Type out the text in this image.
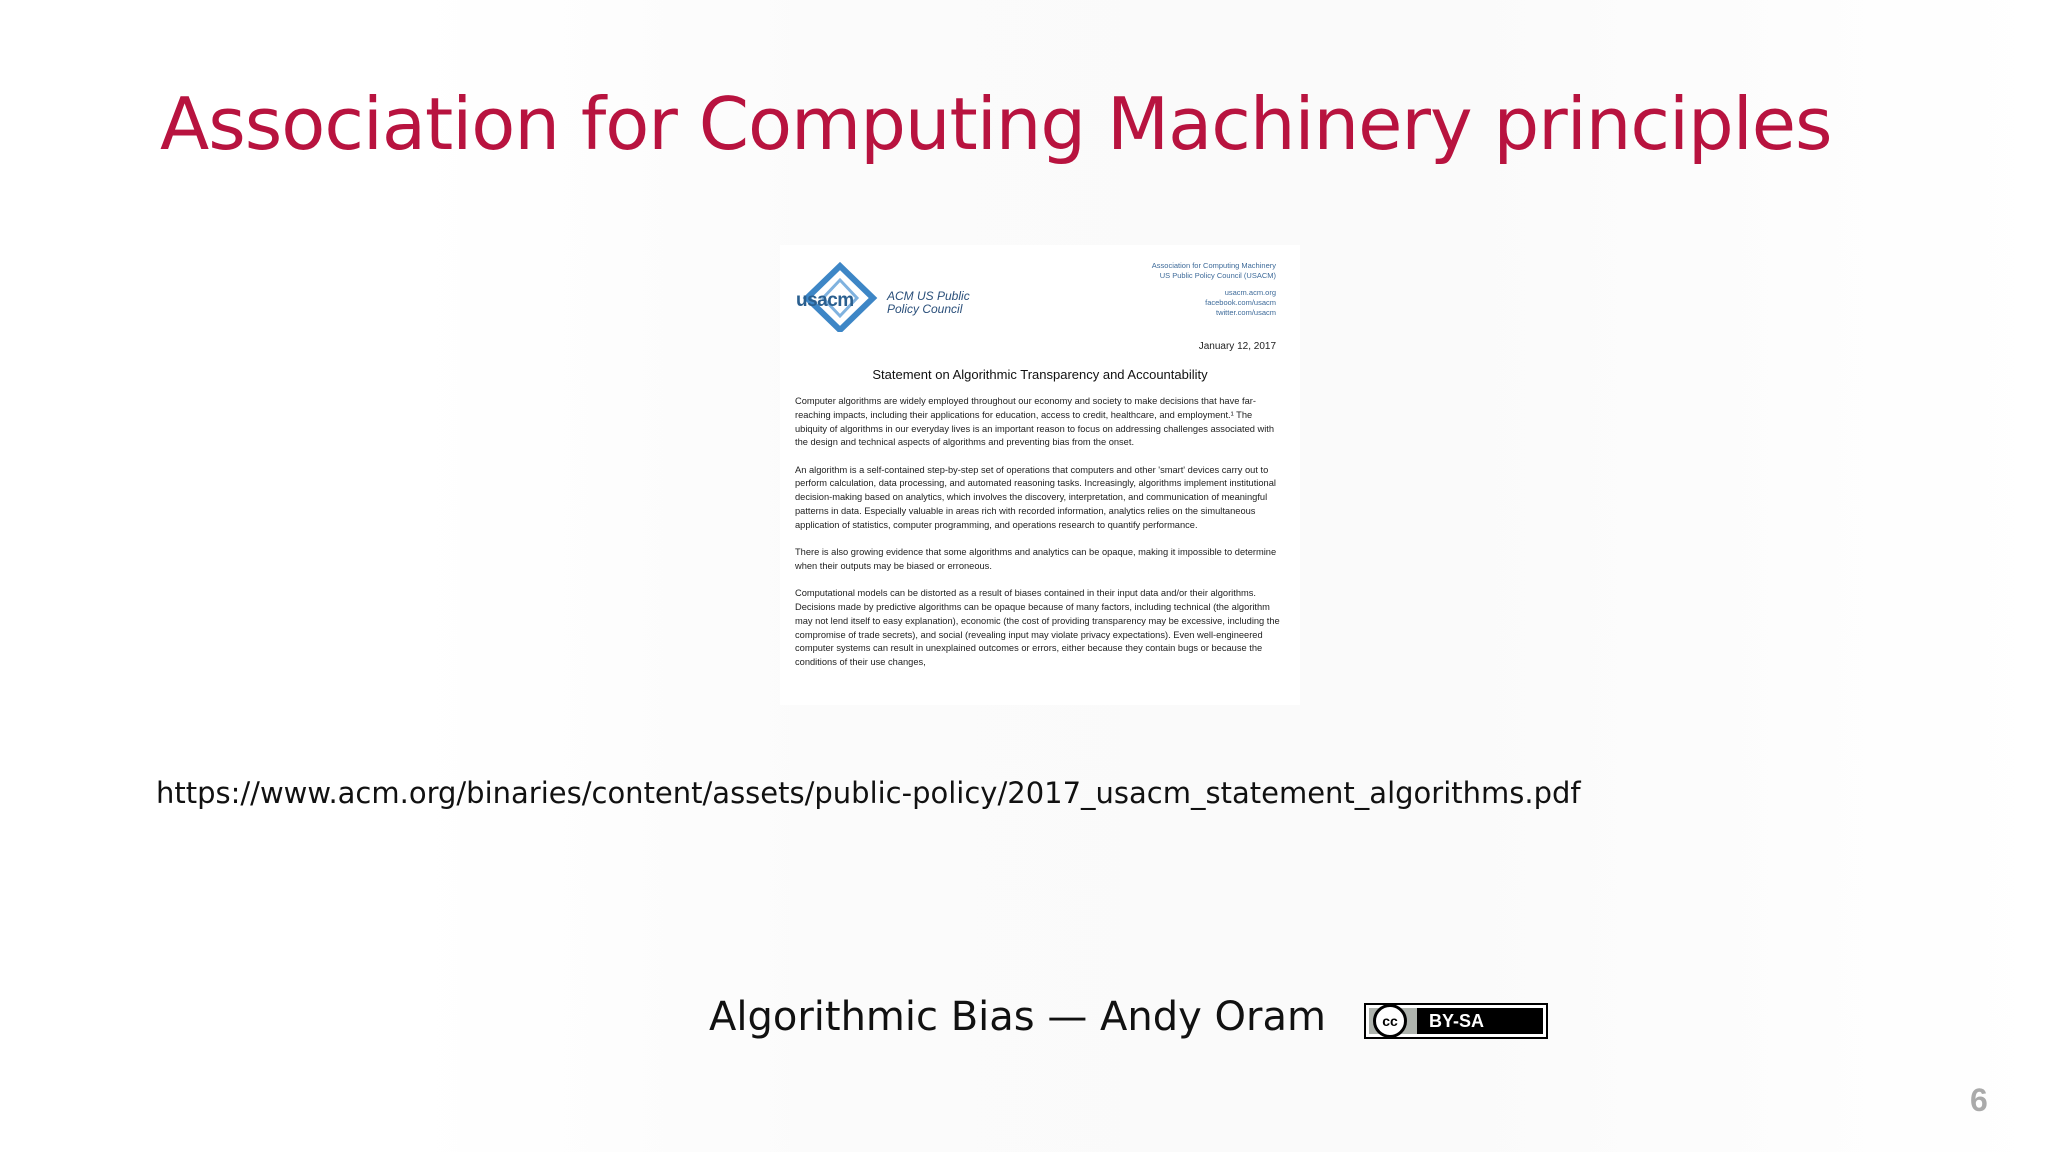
Association for Computing Machinery principles
usacm	ACM US Public Policy Council
Association for Computing Machinery
US Public Policy Council (USACM)
usacm.acm.org
facebook.com/usacm
twitter.com/usacm
January 12, 2017
Statement on Algorithmic Transparency and Accountability

Computer algorithms are widely employed throughout our economy and society to make decisions that have far-reaching impacts, including their applications for education, access to credit, healthcare, and employment.¹ The ubiquity of algorithms in our everyday lives is an important reason to focus on addressing challenges associated with the design and technical aspects of algorithms and preventing bias from the onset.

An algorithm is a self-contained step-by-step set of operations that computers and other 'smart' devices carry out to perform calculation, data processing, and automated reasoning tasks. Increasingly, algorithms implement institutional decision-making based on analytics, which involves the discovery, interpretation, and communication of meaningful patterns in data. Especially valuable in areas rich with recorded information, analytics relies on the simultaneous application of statistics, computer programming, and operations research to quantify performance.

There is also growing evidence that some algorithms and analytics can be opaque, making it impossible to determine when their outputs may be biased or erroneous.

Computational models can be distorted as a result of biases contained in their input data and/or their algorithms. Decisions made by predictive algorithms can be opaque because of many factors, including technical (the algorithm may not lend itself to easy explanation), economic (the cost of providing transparency may be excessive, including the compromise of trade secrets), and social (revealing input may violate privacy expectations). Even well-engineered computer systems can result in unexplained outcomes or errors, either because they contain bugs or because the conditions of their use changes,

https://www.acm.org/binaries/content/assets/public-policy/2017_usacm_statement_algorithms.pdf
Algorithmic Bias — Andy Oram	cc	BY-SA
6
